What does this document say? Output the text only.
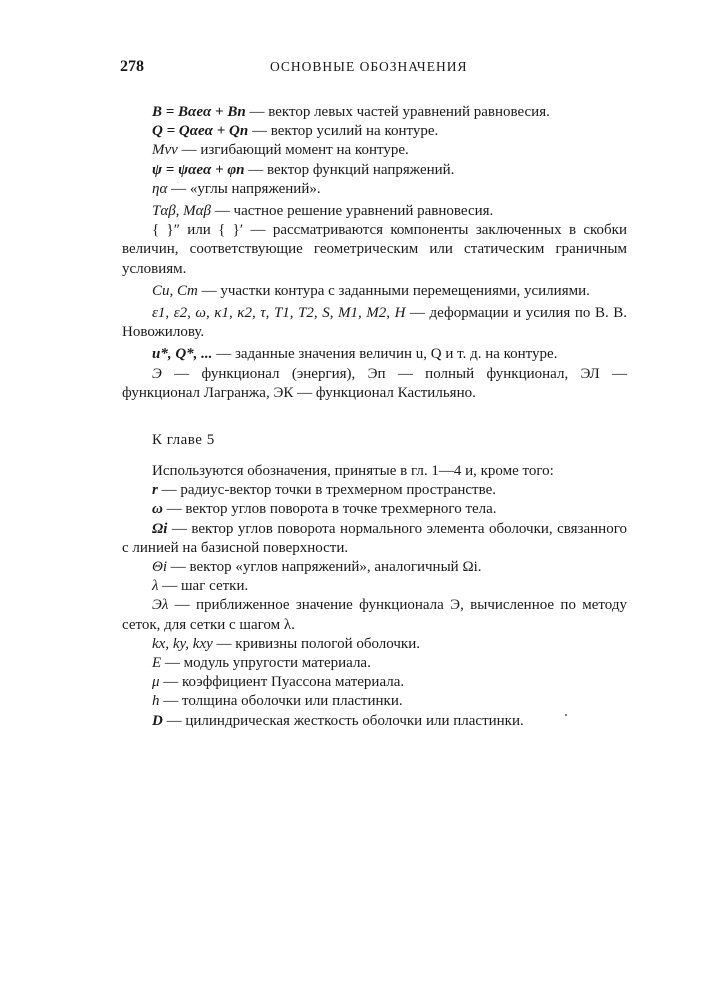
278	ОСНОВНЫЕ ОБОЗНАЧЕНИЯ

B = Bαeα + Bn — вектор левых частей уравнений равновесия.

Q = Qαeα + Qn — вектор усилий на контуре.

Mνν — изгибающий момент на контуре.

ψ = ψαeα + φn — вектор функций напряжений.

ηα — «углы напряжений».

Tαβ, Mαβ — частное решение уравнений равновесия.

{ }″ или { }′ — рассматриваются компоненты заключенных в скобки величин, соответствующие геометрическим или статическим граничным условиям.

Cu, Cт — участки контура с заданными перемещениями, усилиями.

ε1, ε2, ω, κ1, κ2, τ, T1, T2, S, M1, M2, H — деформации и усилия по В. В. Новожилову.

u*, Q*, ... — заданные значения величин u, Q и т. д. на контуре.

Э — функционал (энергия), Эп — полный функционал, ЭЛ — функционал Лагранжа, ЭК — функционал Кастильяно.

К главе 5

Используются обозначения, принятые в гл. 1—4 и, кроме того:

r — радиус-вектор точки в трехмерном пространстве.

ω — вектор углов поворота в точке трехмерного тела.

Ωi — вектор углов поворота нормального элемента оболочки, связанного с линией на базисной поверхности.

Θi — вектор «углов напряжений», аналогичный Ωi.

λ — шаг сетки.

Эλ — приближенное значение функционала Э, вычисленное по методу сеток, для сетки с шагом λ.

kx, ky, kxy — кривизны пологой оболочки.

E — модуль упругости материала.

μ — коэффициент Пуассона материала.

h — толщина оболочки или пластинки.

D — цилиндрическая жесткость оболочки или пластинки.
